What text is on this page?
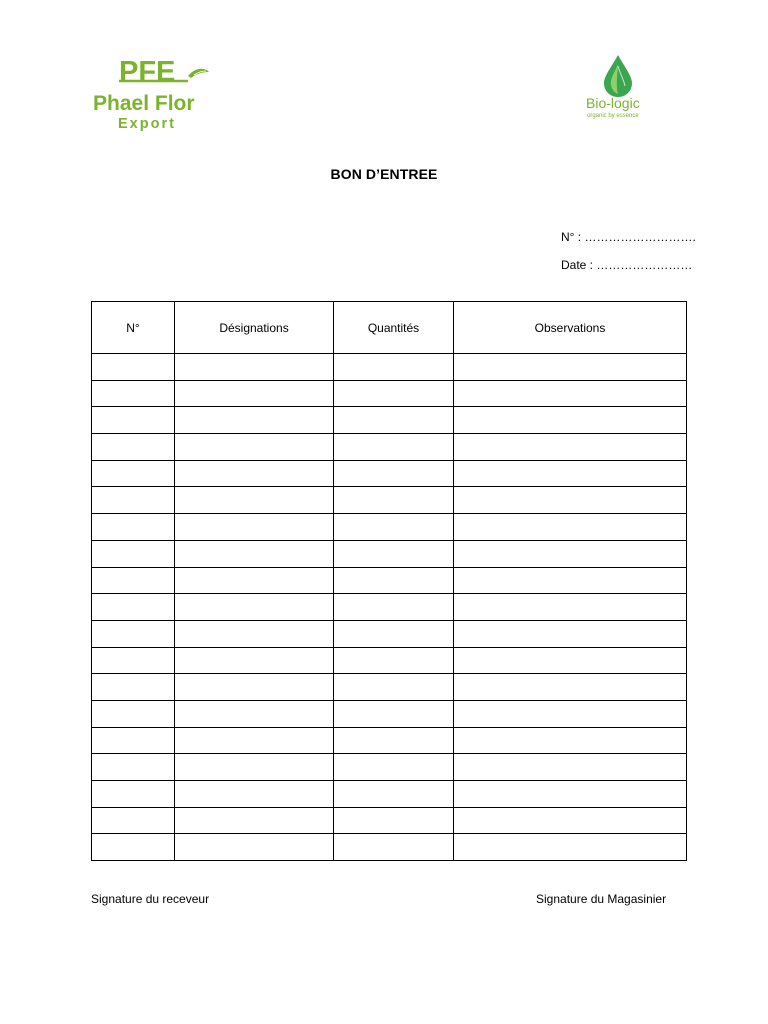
PFE
Phael Flor
Export
Bio-logic
organic by essence
BON D’ENTREE
N° : ……………………….
Date : ……………………
N°	Désignations	Quantités	Observations

Signature du receveur	Signature du Magasinier
